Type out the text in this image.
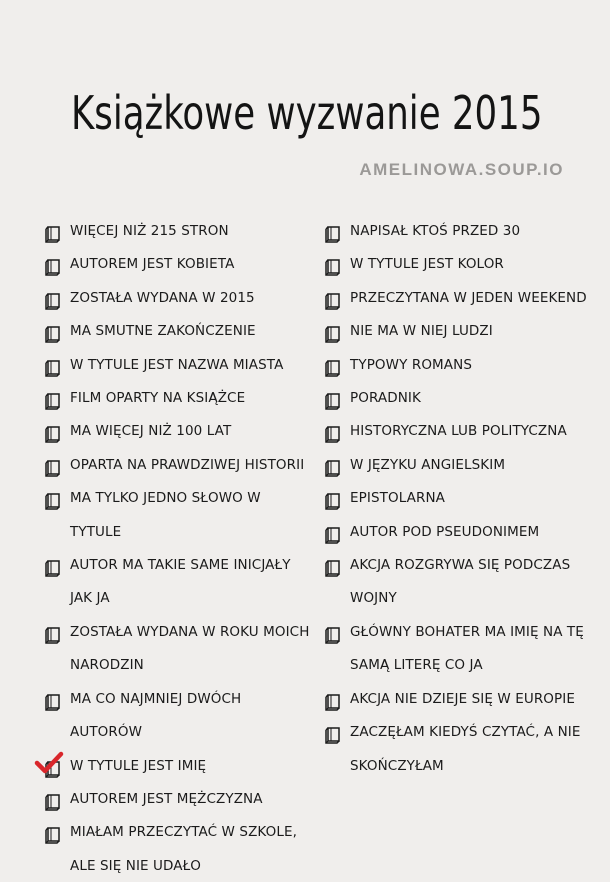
Książkowe wyzwanie 2015
AMELINOWA.SOUP.IO
WIĘCEJ NIŻ 215 STRON
AUTOREM JEST KOBIETA
ZOSTAŁA WYDANA W 2015
MA SMUTNE ZAKOŃCZENIE
W TYTULE JEST NAZWA MIASTA
FILM OPARTY NA KSIĄŻCE
MA WIĘCEJ NIŻ 100 LAT
OPARTA NA PRAWDZIWEJ HISTORII
MA TYLKO JEDNO SŁOWO W TYTULE
AUTOR MA TAKIE SAME INICJAŁY JAK JA
ZOSTAŁA WYDANA W ROKU MOICH NARODZIN
MA CO NAJMNIEJ DWÓCH AUTORÓW
W TYTULE JEST IMIĘ
AUTOREM JEST MĘŻCZYZNA
MIAŁAM PRZECZYTAĆ W SZKOLE, ALE SIĘ NIE UDAŁO
NAPISAŁ KTOŚ PRZED 30
W TYTULE JEST KOLOR
PRZECZYTANA W JEDEN WEEKEND
NIE MA W NIEJ LUDZI
TYPOWY ROMANS
PORADNIK
HISTORYCZNA LUB POLITYCZNA
W JĘZYKU ANGIELSKIM
EPISTOLARNA
AUTOR POD PSEUDONIMEM
AKCJA ROZGRYWA SIĘ PODCZAS WOJNY
GŁÓWNY BOHATER MA IMIĘ NA TĘ SAMĄ LITERĘ CO JA
AKCJA NIE DZIEJE SIĘ W EUROPIE
ZACZĘŁAM KIEDYŚ CZYTAĆ, A NIE SKOŃCZYŁAM
